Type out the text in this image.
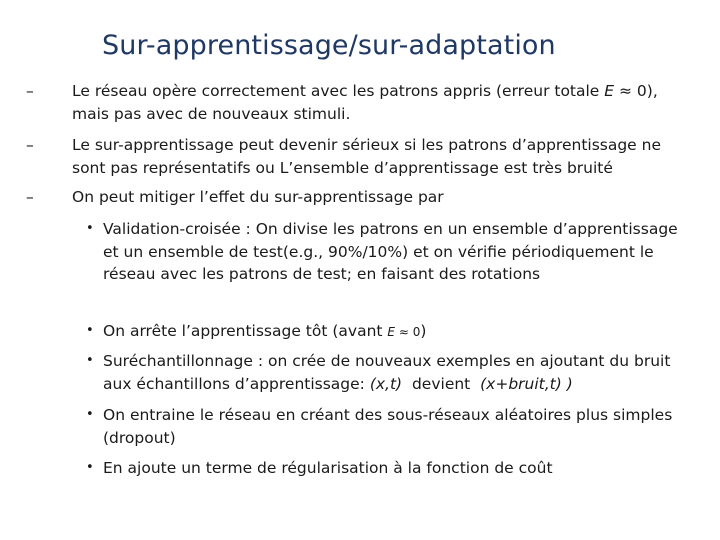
Sur-apprentissage/sur-adaptation
–	Le réseau opère correctement avec les patrons appris (erreur totale E ≈ 0), mais pas avec de nouveaux stimuli.
–	Le sur-apprentissage peut devenir sérieux si les patrons d’apprentissage ne sont pas représentatifs ou L’ensemble d’apprentissage est très bruité
–	On peut mitiger l’effet du sur-apprentissage par
• Validation-croisée : On divise les patrons en un ensemble d’apprentissage et un ensemble de test(e.g., 90%/10%) et on vérifie périodiquement le réseau avec les patrons de test; en faisant des rotations
• On arrête l’apprentissage tôt (avant E ≈ 0)
• Suréchantillonnage : on crée de nouveaux exemples en ajoutant du bruit aux échantillons d’apprentissage: (x,t)  devient  (x+bruit,t) )
• On entraine le réseau en créant des sous-réseaux aléatoires plus simples (dropout)
• En ajoute un terme de régularisation à la fonction de coût
